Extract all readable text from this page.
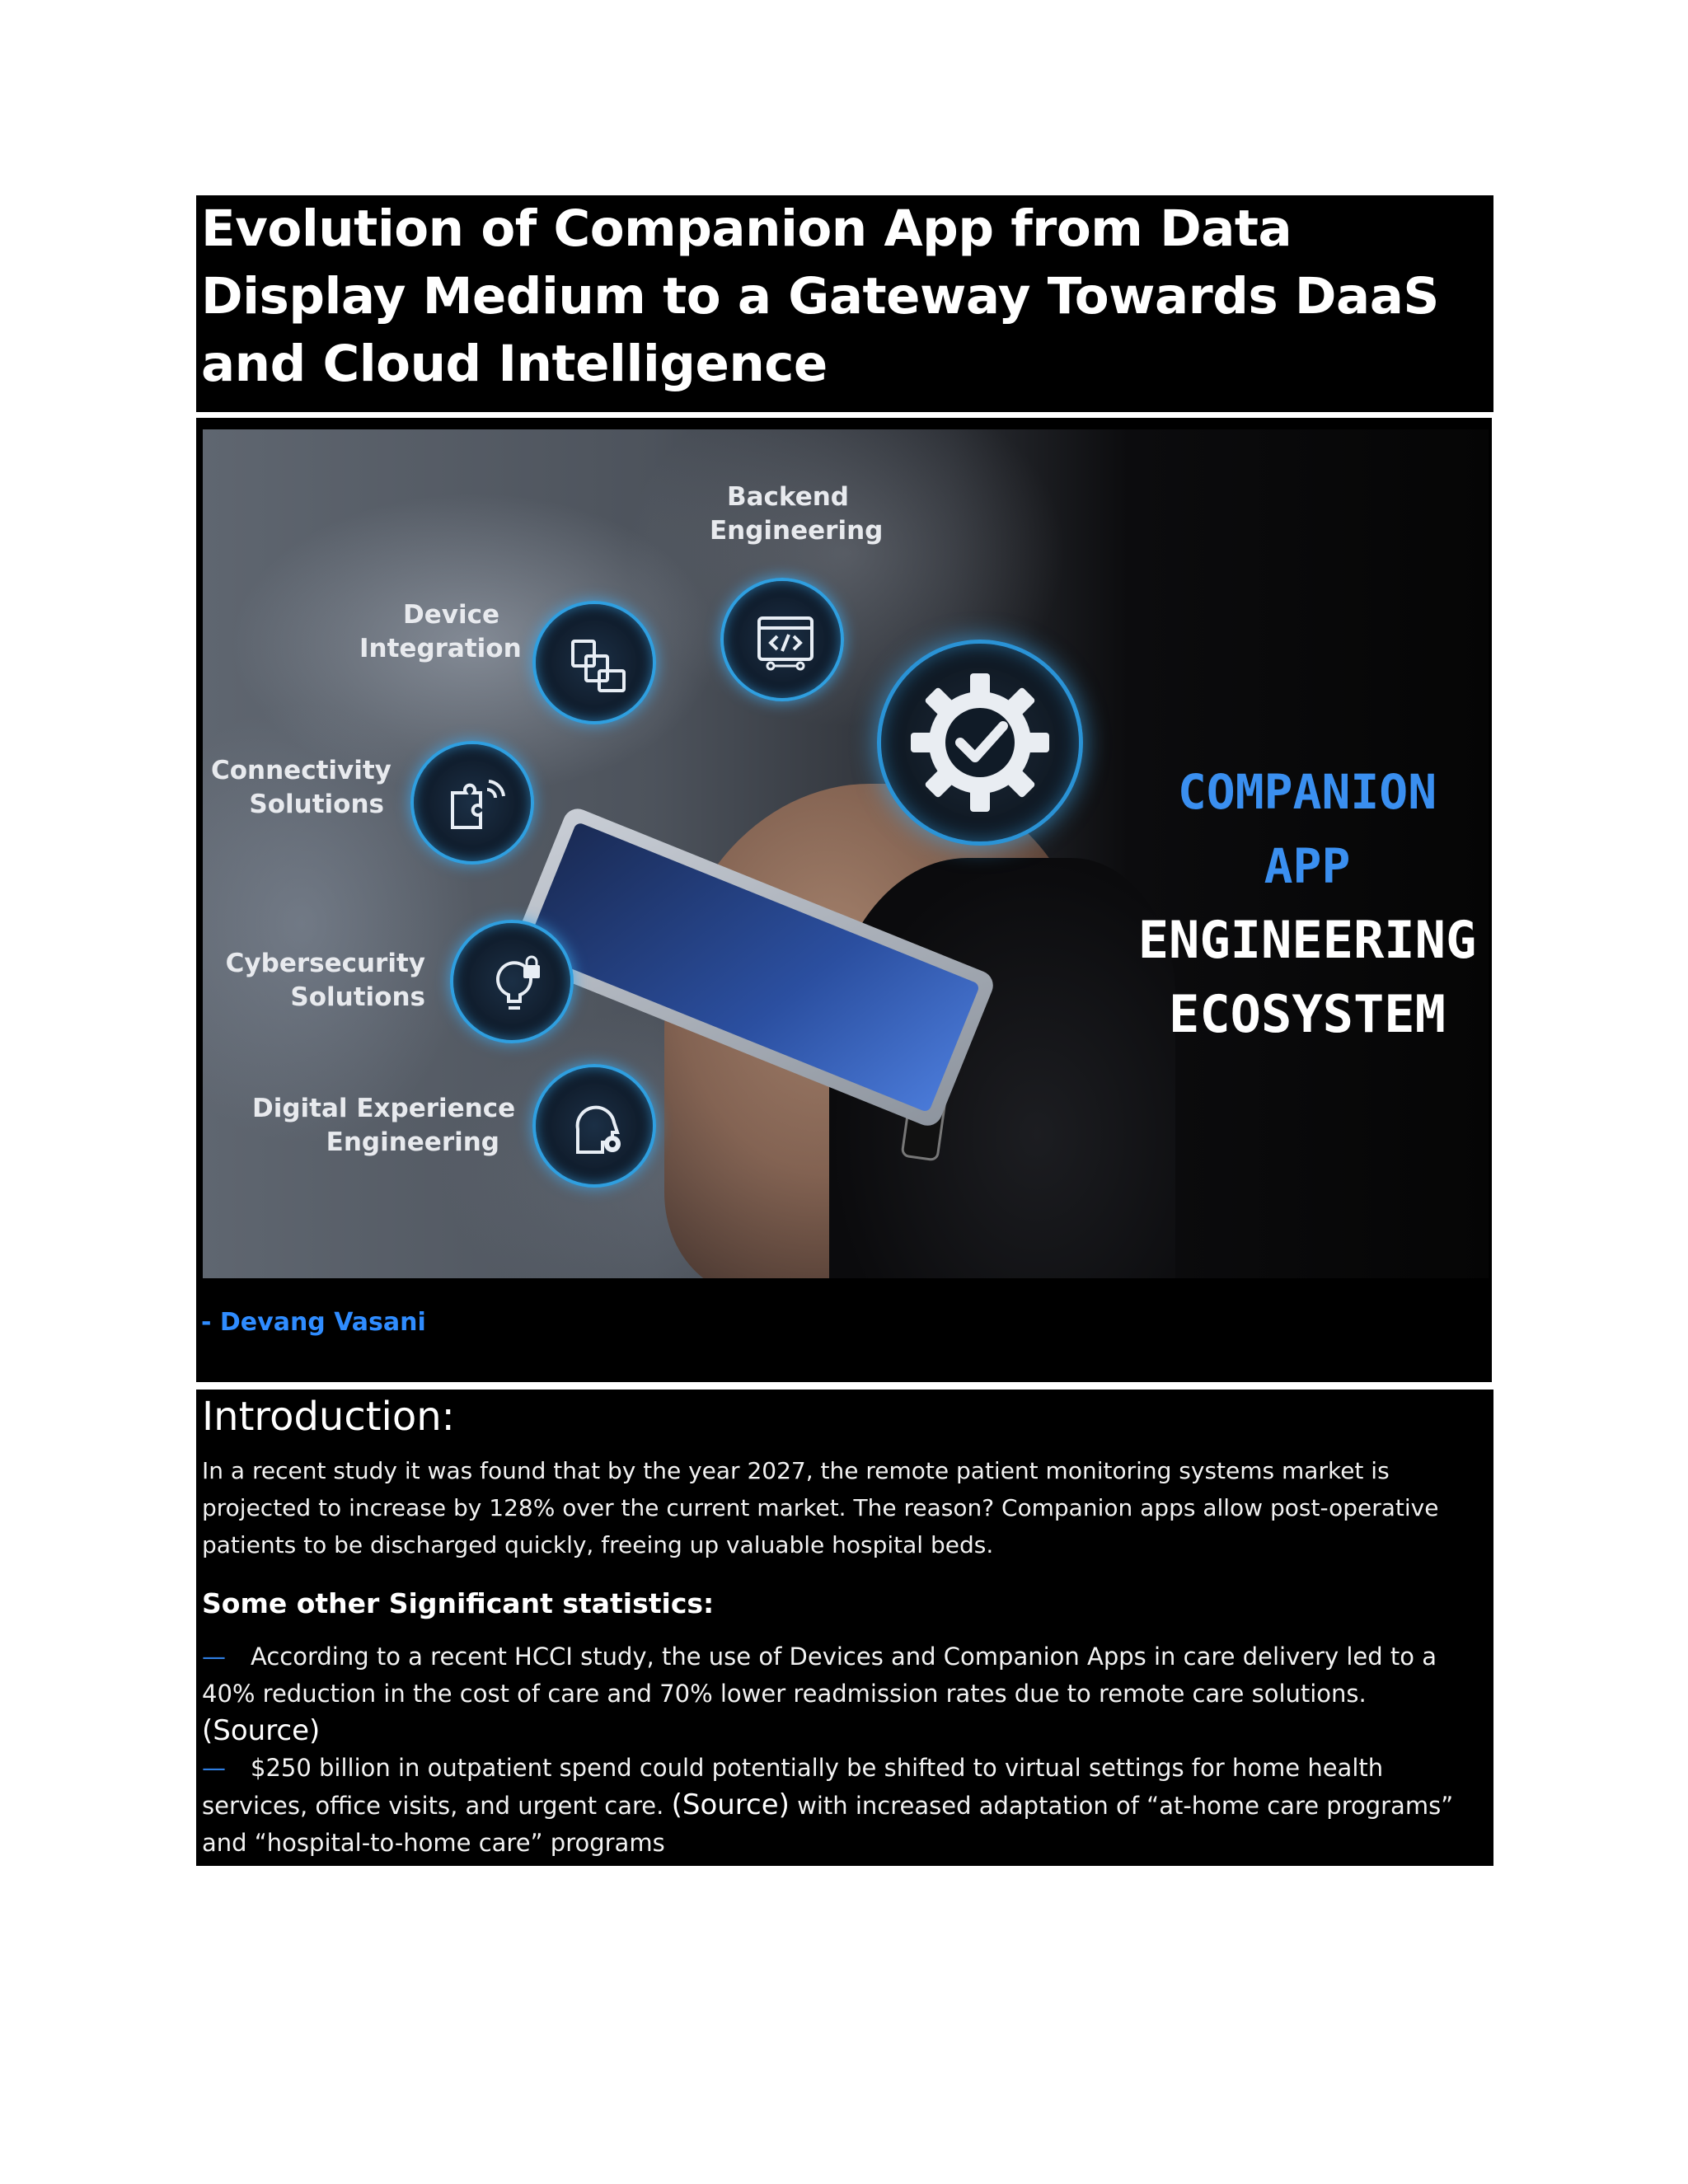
Evolution of Companion App from Data Display Medium to a Gateway Towards DaaS and Cloud Intelligence
Backend
Engineering
Device
Integration
Connectivity
Solutions
Cybersecurity
Solutions
Digital Experience
Engineering
COMPANION APP
ENGINEERING
ECOSYSTEM
- Devang Vasani
Introduction:
In a recent study it was found that by the year 2027, the remote patient monitoring systems market is projected to increase by 128% over the current market. The reason? Companion apps allow post-operative patients to be discharged quickly, freeing up valuable hospital beds.
Some other Significant statistics:
— According to a recent HCCI study, the use of Devices and Companion Apps in care delivery led to a 40% reduction in the cost of care and 70% lower readmission rates due to remote care solutions. (Source)
— $250 billion in outpatient spend could potentially be shifted to virtual settings for home health services, office visits, and urgent care. (Source) with increased adaptation of “at-home care programs” and “hospital-to-home care” programs
